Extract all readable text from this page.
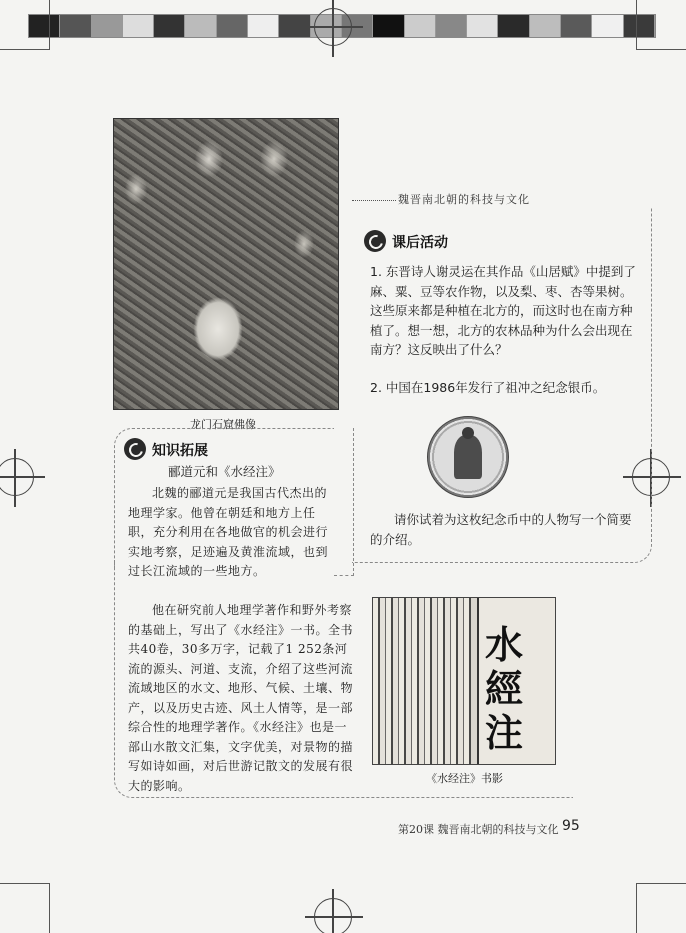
龙门石窟佛像
魏晋南北朝的科技与文化
课后活动
1. 东晋诗人谢灵运在其作品《山居赋》中提到了麻、粟、豆等农作物，以及梨、枣、杏等果树。这些原来都是种植在北方的，而这时也在南方种植了。想一想，北方的农林品种为什么会出现在南方？这反映出了什么？
2. 中国在1986年发行了祖冲之纪念银币。
请你试着为这枚纪念币中的人物写一个简要的介绍。
知识拓展
郦道元和《水经注》
北魏的郦道元是我国古代杰出的地理学家。他曾在朝廷和地方上任职，充分利用在各地做官的机会进行实地考察，足迹遍及黄淮流域，也到过长江流域的一些地方。
他在研究前人地理学著作和野外考察的基础上，写出了《水经注》一书。全书共40卷，30多万字，记载了1 252条河流的源头、河道、支流，介绍了这些河流流域地区的水文、地形、气候、土壤、物产，以及历史古迹、风土人情等，是一部综合性的地理学著作。《水经注》也是一部山水散文汇集，文字优美，对景物的描写如诗如画，对后世游记散文的发展有很大的影响。
水
經
注
《水经注》书影
第20课 魏晋南北朝的科技与文化 95
